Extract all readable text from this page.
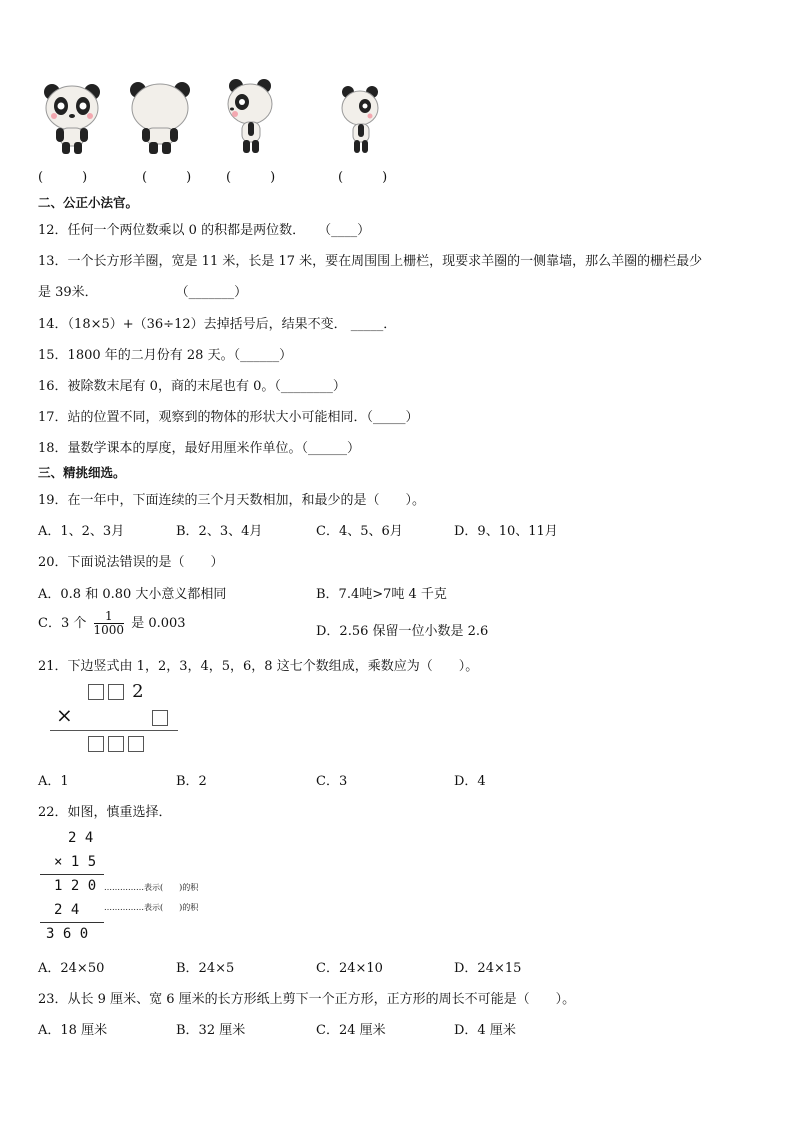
(　　　)	(　　　)	(　　　)	(　　　)
二、公正小法官。
12．任何一个两位数乘以 0 的积都是两位数．　　（____）
13．一个长方形羊圈，宽是 11 米，长是 17 米，要在周围围上栅栏，现要求羊圈的一侧靠墙，那么羊圈的栅栏最少
是 39米．　　　　　　　（_______）
14．（18×5）+（36÷12）去掉括号后，结果不变． _____．
15．1800 年的二月份有 28 天。（______）
16．被除数末尾有 0，商的末尾也有 0。（________）
17．站的位置不同，观察到的物体的形状大小可能相同．（_____）
18．量数学课本的厚度，最好用厘米作单位。（______）
三、精挑细选。
19．在一年中，下面连续的三个月天数相加，和最少的是（　　）。
A．1、2、3月	B．2、3、4月	C．4、5、6月	D．9、10、11月
20．下面说法错误的是（　　）
A．0.8 和 0.80 大小意义都相同	B．7.4吨>7吨 4 千克
C．3 个 $\frac{1}{1000}$ 是 0.003
D．2.56 保留一位小数是 2.6
21．下边竖式由 1，2，3，4，5，6，8 这七个数组成，乘数应为（　　）。
2
×
A．1	B．2	C．3	D．4
22．如图，慎重选择．
2 4
× 1 5
1 2 0 ……………表示(　　)的积
2 4	……………表示(　　)的积
3 6 0
A．24×50	B．24×5	C．24×10	D．24×15
23．从长 9 厘米、宽 6 厘米的长方形纸上剪下一个正方形，正方形的周长不可能是（　　）。
A．18 厘米	B．32 厘米	C．24 厘米	D．4 厘米
